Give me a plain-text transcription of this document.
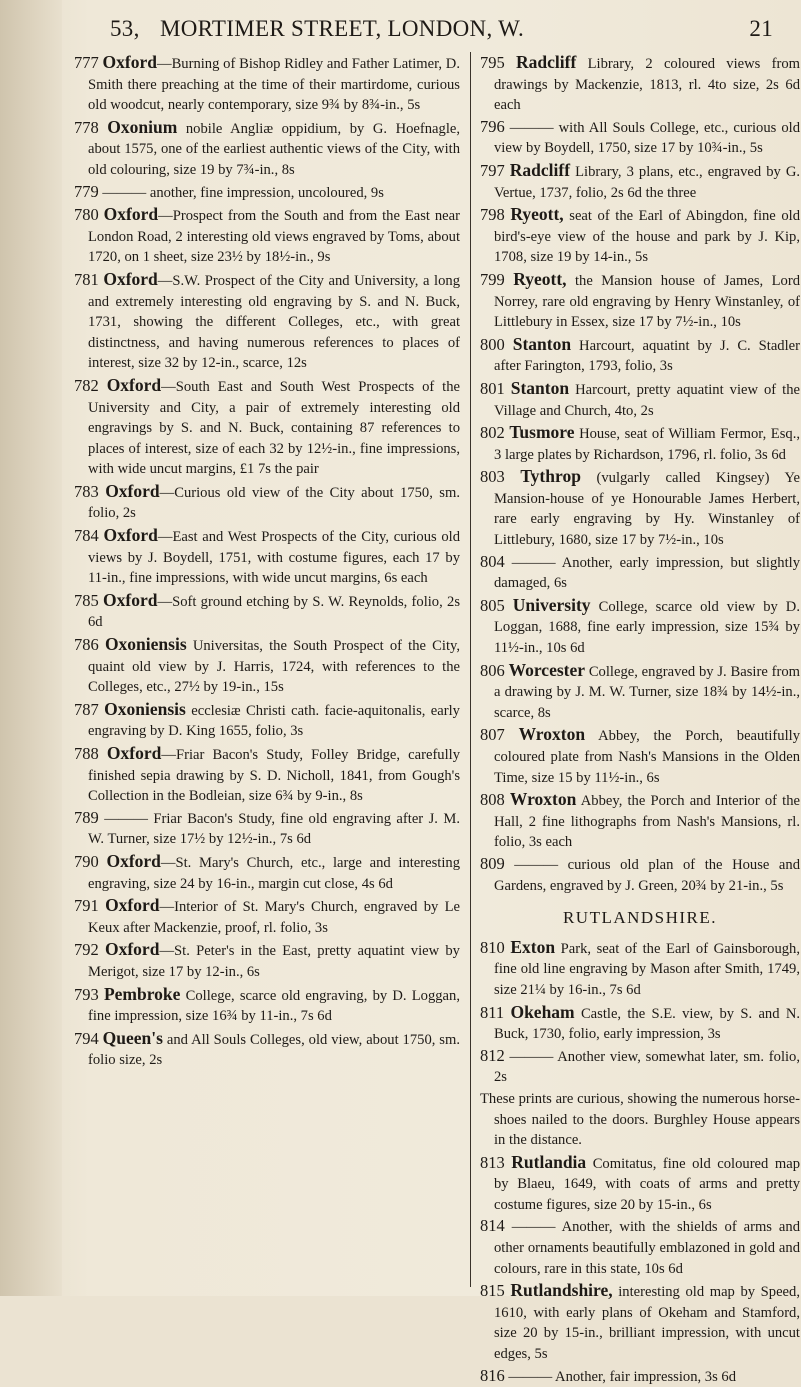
53, MORTIMER STREET, LONDON, W.	21
777 Oxford—Burning of Bishop Ridley and Father Latimer, D. Smith there preaching at the time of their martirdome, curious old woodcut, nearly contemporary, size 9¾ by 8¾-in., 5s
778 Oxonium nobile Angliæ oppidium, by G. Hoefnagle, about 1575, one of the earliest authentic views of the City, with old colouring, size 19 by 7¾-in., 8s
779 ——— another, fine impression, uncoloured, 9s
780 Oxford—Prospect from the South and from the East near London Road, 2 interesting old views engraved by Toms, about 1720, on 1 sheet, size 23½ by 18½-in., 9s
781 Oxford—S.W. Prospect of the City and University, a long and extremely interesting old engraving by S. and N. Buck, 1731, showing the different Colleges, etc., with great distinctness, and having numerous references to places of interest, size 32 by 12-in., scarce, 12s
782 Oxford—South East and South West Prospects of the University and City, a pair of extremely interesting old engravings by S. and N. Buck, containing 87 references to places of interest, size of each 32 by 12½-in., fine impressions, with wide uncut margins, £1 7s the pair
783 Oxford—Curious old view of the City about 1750, sm. folio, 2s
784 Oxford—East and West Prospects of the City, curious old views by J. Boydell, 1751, with costume figures, each 17 by 11-in., fine impressions, with wide uncut margins, 6s each
785 Oxford—Soft ground etching by S. W. Reynolds, folio, 2s 6d
786 Oxoniensis Universitas, the South Prospect of the City, quaint old view by J. Harris, 1724, with references to the Colleges, etc., 27½ by 19-in., 15s
787 Oxoniensis ecclesiæ Christi cath. facie-aquitonalis, early engraving by D. King 1655, folio, 3s
788 Oxford—Friar Bacon's Study, Folley Bridge, carefully finished sepia drawing by S. D. Nicholl, 1841, from Gough's Collection in the Bodleian, size 6¾ by 9-in., 8s
789 ——— Friar Bacon's Study, fine old engraving after J. M. W. Turner, size 17½ by 12½-in., 7s 6d
790 Oxford—St. Mary's Church, etc., large and interesting engraving, size 24 by 16-in., margin cut close, 4s 6d
791 Oxford—Interior of St. Mary's Church, engraved by Le Keux after Mackenzie, proof, rl. folio, 3s
792 Oxford—St. Peter's in the East, pretty aquatint view by Merigot, size 17 by 12-in., 6s
793 Pembroke College, scarce old engraving, by D. Loggan, fine impression, size 16¾ by 11-in., 7s 6d
794 Queen's and All Souls Colleges, old view, about 1750, sm. folio size, 2s
795 Radcliff Library, 2 coloured views from drawings by Mackenzie, 1813, rl. 4to size, 2s 6d each
796 ——— with All Souls College, etc., curious old view by Boydell, 1750, size 17 by 10¾-in., 5s
797 Radcliff Library, 3 plans, etc., engraved by G. Vertue, 1737, folio, 2s 6d the three
798 Ryeott, seat of the Earl of Abingdon, fine old bird's-eye view of the house and park by J. Kip, 1708, size 19 by 14-in., 5s
799 Ryeott, the Mansion house of James, Lord Norrey, rare old engraving by Henry Winstanley, of Littlebury in Essex, size 17 by 7½-in., 10s
800 Stanton Harcourt, aquatint by J. C. Stadler after Farington, 1793, folio, 3s
801 Stanton Harcourt, pretty aquatint view of the Village and Church, 4to, 2s
802 Tusmore House, seat of William Fermor, Esq., 3 large plates by Richardson, 1796, rl. folio, 3s 6d
803 Tythrop (vulgarly called Kingsey) Ye Mansion-house of ye Honourable James Herbert, rare early engraving by Hy. Winstanley of Littlebury, 1680, size 17 by 7½-in., 10s
804 ——— Another, early impression, but slightly damaged, 6s
805 University College, scarce old view by D. Loggan, 1688, fine early impression, size 15¾ by 11½-in., 10s 6d
806 Worcester College, engraved by J. Basire from a drawing by J. M. W. Turner, size 18¾ by 14½-in., scarce, 8s
807 Wroxton Abbey, the Porch, beautifully coloured plate from Nash's Mansions in the Olden Time, size 15 by 11½-in., 6s
808 Wroxton Abbey, the Porch and Interior of the Hall, 2 fine lithographs from Nash's Mansions, rl. folio, 3s each
809 ——— curious old plan of the House and Gardens, engraved by J. Green, 20¾ by 21-in., 5s
RUTLANDSHIRE.
810 Exton Park, seat of the Earl of Gainsborough, fine old line engraving by Mason after Smith, 1749, size 21¼ by 16-in., 7s 6d
811 Okeham Castle, the S.E. view, by S. and N. Buck, 1730, folio, early impression, 3s
812 ——— Another view, somewhat later, sm. folio, 2s
These prints are curious, showing the numerous horse-shoes nailed to the doors. Burghley House appears in the distance.
813 Rutlandia Comitatus, fine old coloured map by Blaeu, 1649, with coats of arms and pretty costume figures, size 20 by 15-in., 6s
814 ——— Another, with the shields of arms and other ornaments beautifully emblazoned in gold and colours, rare in this state, 10s 6d
815 Rutlandshire, interesting old map by Speed, 1610, with early plans of Okeham and Stamford, size 20 by 15-in., brilliant impression, with uncut edges, 5s
816 ——— Another, fair impression, 3s 6d
